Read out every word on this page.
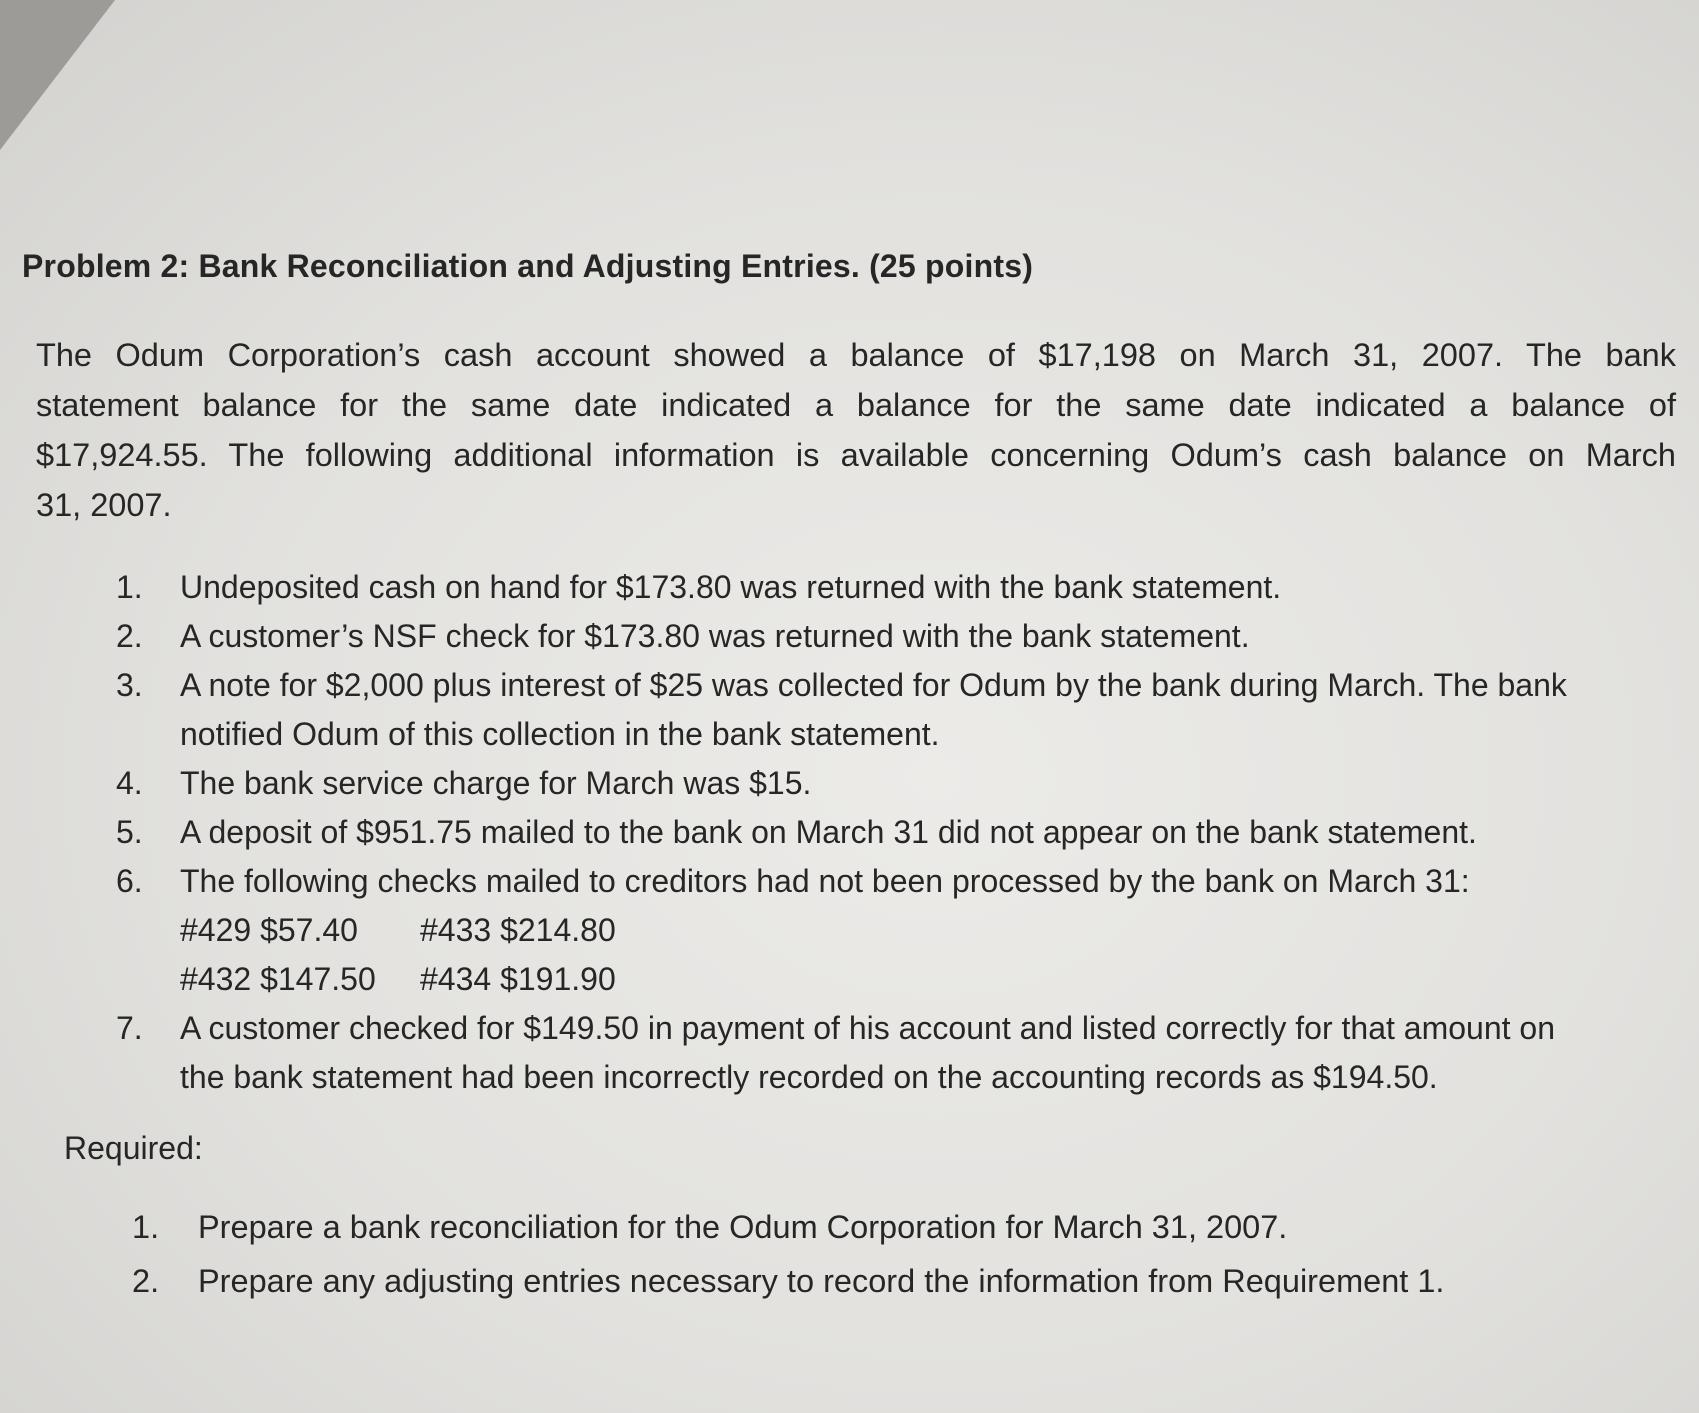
Problem 2: Bank Reconciliation and Adjusting Entries. (25 points)
The Odum Corporation’s cash account showed a balance of $17,198 on March 31, 2007. The bank
statement balance for the same date indicated a balance for the same date indicated a balance of
$17,924.55. The following additional information is available concerning Odum’s cash balance on March
31, 2007.
1.	Undeposited cash on hand for $173.80 was returned with the bank statement.
2.	A customer’s NSF check for $173.80 was returned with the bank statement.
3.	A note for $2,000 plus interest of $25 was collected for Odum by the bank during March. The bank
notified Odum of this collection in the bank statement.
4.	The bank service charge for March was $15.
5.	A deposit of $951.75 mailed to the bank on March 31 did not appear on the bank statement.
6.	The following checks mailed to creditors had not been processed by the bank on March 31:
#429 $57.40 #433 $214.80
#432 $147.50 #434 $191.90
7.	A customer checked for $149.50 in payment of his account and listed correctly for that amount on
the bank statement had been incorrectly recorded on the accounting records as $194.50.
Required:
1.	Prepare a bank reconciliation for the Odum Corporation for March 31, 2007.
2.	Prepare any adjusting entries necessary to record the information from Requirement 1.
